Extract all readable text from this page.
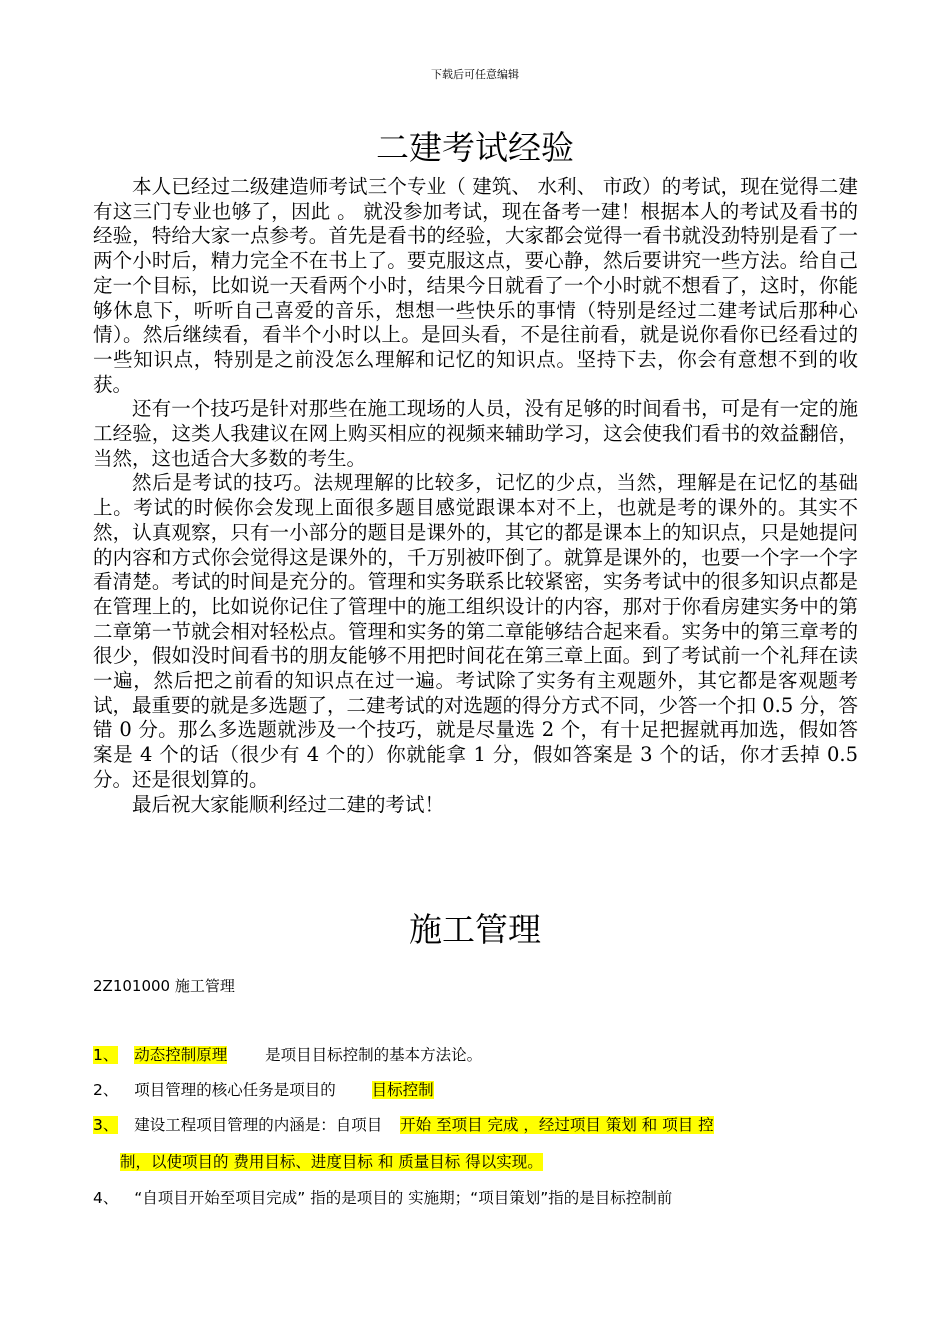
下载后可任意编辑
二建考试经验

本人已经过二级建造师考试三个专业（ 建筑、 水利、 市政）的考试，现在觉得二建有这三门专业也够了，因此 。 就没参加考试，现在备考一建！根据本人的考试及看书的经验，特给大家一点参考。首先是看书的经验，大家都会觉得一看书就没劲特别是看了一两个小时后，精力完全不在书上了。要克服这点，要心静，然后要讲究一些方法。给自己定一个目标，比如说一天看两个小时，结果今日就看了一个小时就不想看了，这时，你能够休息下，听听自己喜爱的音乐，想想一些快乐的事情（特别是经过二建考试后那种心情）。然后继续看，看半个小时以上。是回头看，不是往前看，就是说你看你已经看过的一些知识点，特别是之前没怎么理解和记忆的知识点。坚持下去，你会有意想不到的收获。

还有一个技巧是针对那些在施工现场的人员，没有足够的时间看书，可是有一定的施工经验，这类人我建议在网上购买相应的视频来辅助学习，这会使我们看书的效益翻倍，当然，这也适合大多数的考生。

然后是考试的技巧。法规理解的比较多，记忆的少点，当然，理解是在记忆的基础上。考试的时候你会发现上面很多题目感觉跟课本对不上，也就是考的课外的。其实不然，认真观察，只有一小部分的题目是课外的，其它的都是课本上的知识点，只是她提问的内容和方式你会觉得这是课外的，千万别被吓倒了。就算是课外的，也要一个字一个字看清楚。考试的时间是充分的。管理和实务联系比较紧密，实务考试中的很多知识点都是在管理上的，比如说你记住了管理中的施工组织设计的内容，那对于你看房建实务中的第二章第一节就会相对轻松点。管理和实务的第二章能够结合起来看。实务中的第三章考的很少，假如没时间看书的朋友能够不用把时间花在第三章上面。到了考试前一个礼拜在读一遍，然后把之前看的知识点在过一遍。考试除了实务有主观题外，其它都是客观题考试，最重要的就是多选题了，二建考试的对选题的得分方式不同，少答一个扣 0.5 分，答错 0 分。那么多选题就涉及一个技巧，就是尽量选 2 个，有十足把握就再加选，假如答案是 4 个的话（很少有 4 个的）你就能拿 1 分，假如答案是 3 个的话，你才丢掉 0.5 分。还是很划算的。

最后祝大家能顺利经过二建的考试！

施工管理
2Z101000 施工管理
1、 动态控制原理 是项目目标控制的基本方法论。
2、 项目管理的核心任务是项目的 目标控制
3、 建设工程项目管理的内涵是：自项目 开始 至项目 完成 ，经过项目 策划 和 项目 控
制，以使项目的 费用目标、进度目标 和 质量目标 得以实现。
4、 “自项目开始至项目完成” 指的是项目的 实施期；“项目策划”指的是目标控制前
